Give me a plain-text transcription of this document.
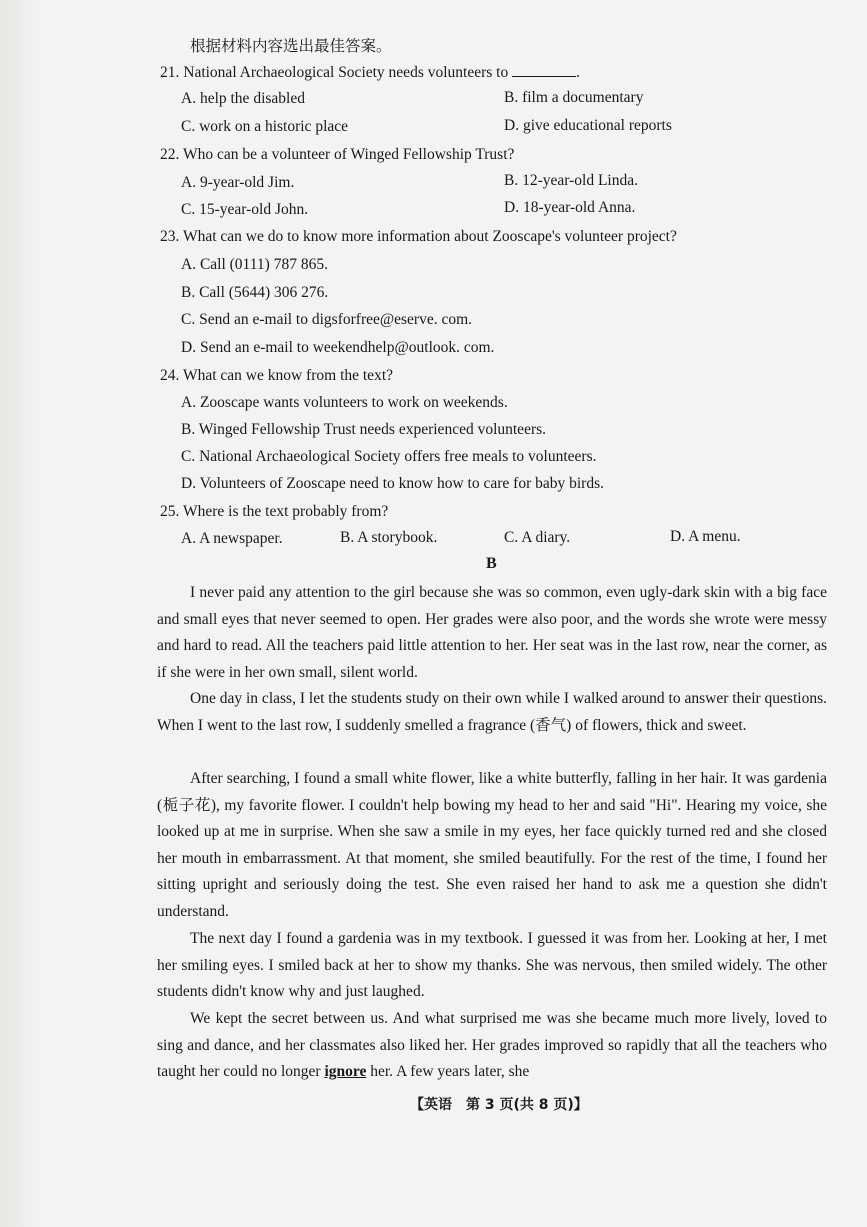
根据材料内容选出最佳答案。
21. National Archaeological Society needs volunteers to	.
A. help the disabled	B. film a documentary
C. work on a historic place	D. give educational reports
22. Who can be a volunteer of Winged Fellowship Trust?
A. 9-year-old Jim.	B. 12-year-old Linda.
C. 15-year-old John.	D. 18-year-old Anna.
23. What can we do to know more information about Zooscape's volunteer project?
A. Call (0111) 787 865.
B. Call (5644) 306 276.
C. Send an e-mail to digsforfree@eserve. com.
D. Send an e-mail to weekendhelp@outlook. com.
24. What can we know from the text?
A. Zooscape wants volunteers to work on weekends.
B. Winged Fellowship Trust needs experienced volunteers.
C. National Archaeological Society offers free meals to volunteers.
D. Volunteers of Zooscape need to know how to care for baby birds.
25. Where is the text probably from?
A. A newspaper.	B. A storybook.	C. A diary.	D. A menu.
B
I never paid any attention to the girl because she was so common, even ugly-dark skin with a big face and small eyes that never seemed to open. Her grades were also poor, and the words she wrote were messy and hard to read. All the teachers paid little attention to her. Her seat was in the last row, near the corner, as if she were in her own small, silent world.
One day in class, I let the students study on their own while I walked around to answer their questions. When I went to the last row, I suddenly smelled a fragrance (香气) of flowers, thick and sweet.
After searching, I found a small white flower, like a white butterfly, falling in her hair. It was gardenia (栀子花), my favorite flower. I couldn't help bowing my head to her and said "Hi". Hearing my voice, she looked up at me in surprise. When she saw a smile in my eyes, her face quickly turned red and she closed her mouth in embarrassment. At that moment, she smiled beautifully. For the rest of the time, I found her sitting upright and seriously doing the test. She even raised her hand to ask me a question she didn't understand.
The next day I found a gardenia was in my textbook. I guessed it was from her. Looking at her, I met her smiling eyes. I smiled back at her to show my thanks. She was nervous, then smiled widely. The other students didn't know why and just laughed.
We kept the secret between us. And what surprised me was she became much more lively, loved to sing and dance, and her classmates also liked her. Her grades improved so rapidly that all the teachers who taught her could no longer ignore her. A few years later, she
【英语　第 3 页(共 8 页)】
